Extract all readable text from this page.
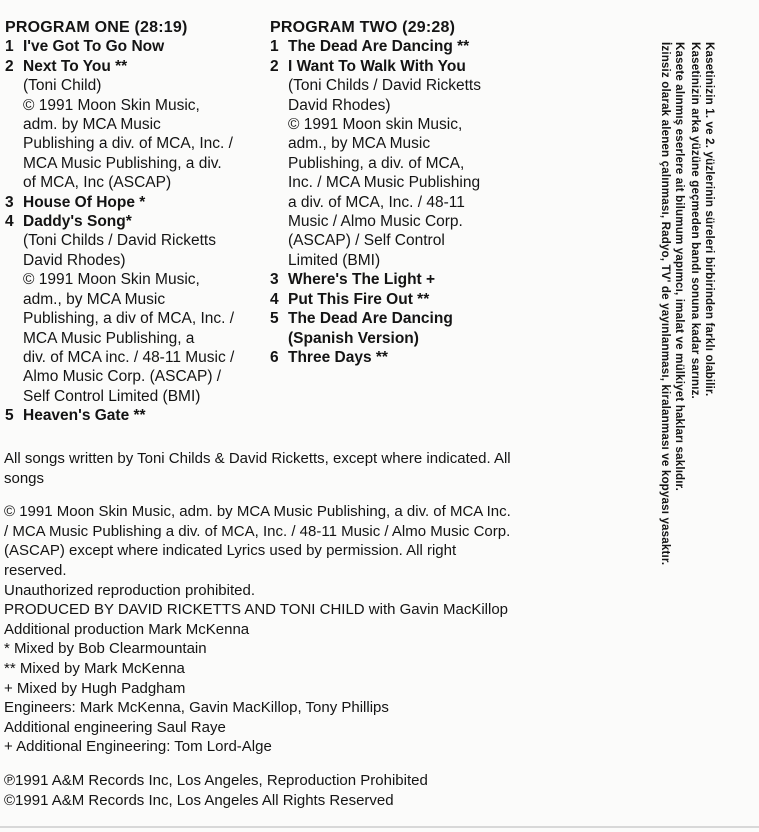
PROGRAM ONE (28:19)
1 I've Got To Go Now
2 Next To You **
(Toni Child)
© 1991 Moon Skin Music,
adm. by MCA Music
Publishing a div. of MCA, Inc. /
MCA Music Publishing, a div.
of MCA, Inc (ASCAP)
3 House Of Hope *
4 Daddy's Song*
(Toni Childs / David Ricketts
David Rhodes)
© 1991 Moon Skin Music,
adm., by MCA Music
Publishing, a div of MCA, Inc. /
MCA Music Publishing, a
div. of MCA inc. / 48-11 Music /
Almo Music Corp. (ASCAP) /
Self Control Limited (BMI)
5 Heaven's Gate **
PROGRAM TWO (29:28)
1 The Dead Are Dancing **
2 I Want To Walk With You
(Toni Childs / David Ricketts
David Rhodes)
© 1991 Moon skin Music,
adm., by MCA Music
Publishing, a div. of MCA,
Inc. / MCA Music Publishing
a div. of MCA, Inc. / 48-11
Music / Almo Music Corp.
(ASCAP) / Self Control
Limited (BMI)
3 Where's The Light +
4 Put This Fire Out **
5 The Dead Are Dancing
(Spanish Version)
6 Three Days **

All songs written by Toni Childs & David Ricketts, except where indicated. All songs

© 1991 Moon Skin Music, adm. by MCA Music Publishing, a div. of MCA Inc. / MCA Music Publishing a div. of MCA, Inc. / 48-11 Music / Almo Music Corp. (ASCAP) except where indicated Lyrics used by permission. All right reserved.

Unauthorized reproduction prohibited.

PRODUCED BY DAVID RICKETTS AND TONI CHILD with Gavin MacKillop Additional production Mark McKenna

* Mixed by Bob Clearmountain

** Mixed by Mark McKenna

+ Mixed by Hugh Padgham

Engineers: Mark McKenna, Gavin MacKillop, Tony Phillips

Additional engineering Saul Raye

+ Additional Engineering: Tom Lord-Alge

℗1991 A&M Records Inc, Los Angeles, Reproduction Prohibited

©1991 A&M Records Inc, Los Angeles All Rights Reserved

Kasetinizin 1. ve 2. yüzlerinin süreleri birbirinden farklı olabilir.

Kasetinizin arka yüzüne geçmeden bandı sonuna kadar sarınız.

Kasete alınmış eserlere ait bilumum yapımcı, imalat ve mülkiyet hakları saklıdır.

İzinsiz olarak alenen çalınması, Radyo, TV' de yayınlanması, kiralanması ve kopyası yasaktır.
